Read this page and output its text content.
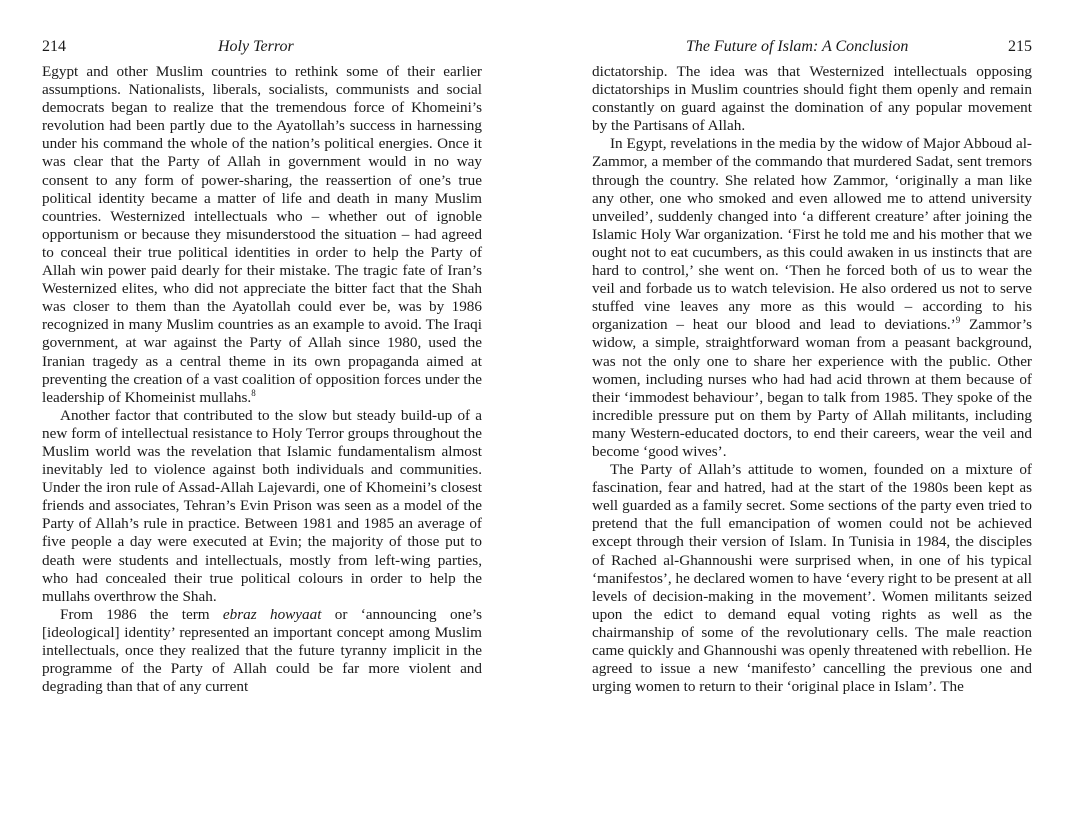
214	Holy Terror

Egypt and other Muslim countries to rethink some of their earlier assumptions. Nationalists, liberals, socialists, communists and social democrats began to realize that the tremendous force of Khomeini’s revolution had been partly due to the Ayatollah’s success in harnessing under his command the whole of the nation’s political energies. Once it was clear that the Party of Allah in government would in no way consent to any form of power-sharing, the reassertion of one’s true political identity became a matter of life and death in many Muslim countries. Westernized intellectuals who – whether out of ignoble opportunism or because they misunderstood the situation – had agreed to conceal their true political identities in order to help the Party of Allah win power paid dearly for their mistake. The tragic fate of Iran’s Westernized elites, who did not appreciate the bitter fact that the Shah was closer to them than the Ayatollah could ever be, was by 1986 recognized in many Muslim countries as an example to avoid. The Iraqi government, at war against the Party of Allah since 1980, used the Iranian tragedy as a central theme in its own propaganda aimed at preventing the creation of a vast coalition of opposition forces under the leadership of Khomeinist mullahs.$^8$

Another factor that contributed to the slow but steady build-up of a new form of intellectual resistance to Holy Terror groups throughout the Muslim world was the revelation that Islamic fundamentalism almost inevitably led to violence against both individuals and communities. Under the iron rule of Assad-Allah Lajevardi, one of Khomeini’s closest friends and associates, Tehran’s Evin Prison was seen as a model of the Party of Allah’s rule in practice. Between 1981 and 1985 an average of five people a day were executed at Evin; the majority of those put to death were students and intellectuals, mostly from left-wing parties, who had concealed their true political colours in order to help the mullahs overthrow the Shah.

From 1986 the term ebraz howyaat or ‘announcing one’s [ideological] identity’ represented an important concept among Muslim intellectuals, once they realized that the future tyranny implicit in the programme of the Party of Allah could be far more violent and degrading than that of any current

The Future of Islam: A Conclusion	215

dictatorship. The idea was that Westernized intellectuals opposing dictatorships in Muslim countries should fight them openly and remain constantly on guard against the domination of any popular movement by the Partisans of Allah.

In Egypt, revelations in the media by the widow of Major Abboud al-Zammor, a member of the commando that murdered Sadat, sent tremors through the country. She related how Zammor, ‘originally a man like any other, one who smoked and even allowed me to attend university unveiled’, suddenly changed into ‘a different creature’ after joining the Islamic Holy War organization. ‘First he told me and his mother that we ought not to eat cucumbers, as this could awaken in us instincts that are hard to control,’ she went on. ‘Then he forced both of us to wear the veil and forbade us to watch television. He also ordered us not to serve stuffed vine leaves any more as this would – according to his organization – heat our blood and lead to deviations.’$^9$ Zammor’s widow, a simple, straightforward woman from a peasant background, was not the only one to share her experience with the public. Other women, including nurses who had had acid thrown at them because of their ‘immodest behaviour’, began to talk from 1985. They spoke of the incredible pressure put on them by Party of Allah militants, including many Western-educated doctors, to end their careers, wear the veil and become ‘good wives’.

The Party of Allah’s attitude to women, founded on a mixture of fascination, fear and hatred, had at the start of the 1980s been kept as well guarded as a family secret. Some sections of the party even tried to pretend that the full emancipation of women could not be achieved except through their version of Islam. In Tunisia in 1984, the disciples of Rached al-Ghannoushi were surprised when, in one of his typical ‘manifestos’, he declared women to have ‘every right to be present at all levels of decision-making in the movement’. Women militants seized upon the edict to demand equal voting rights as well as the chairmanship of some of the revolutionary cells. The male reaction came quickly and Ghannoushi was openly threatened with rebellion. He agreed to issue a new ‘manifesto’ cancelling the previous one and urging women to return to their ‘original place in Islam’. The
